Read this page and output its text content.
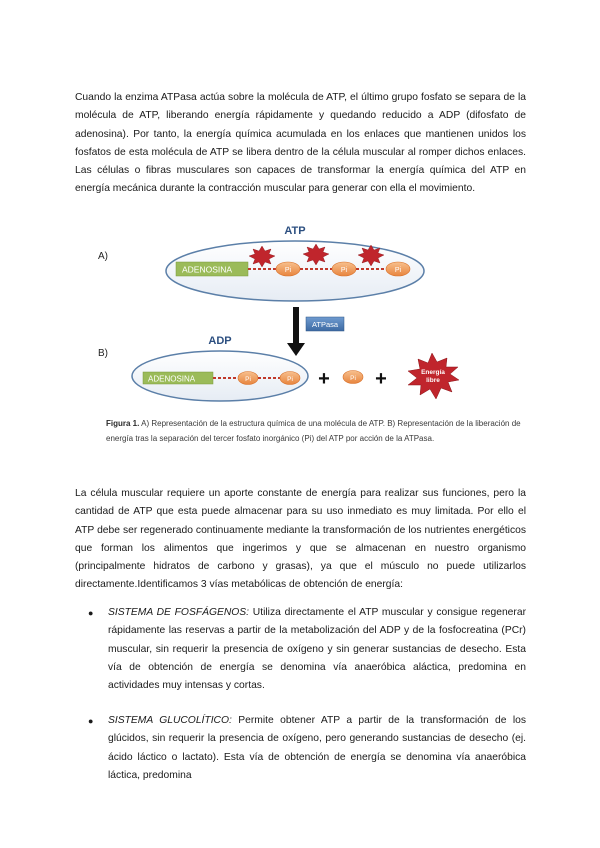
Cuando la enzima ATPasa actúa sobre la molécula de ATP, el último grupo fosfato se separa de la molécula de ATP, liberando energía rápidamente y quedando reducido a ADP (difosfato de adenosina). Por tanto, la energía química acumulada en los enlaces que mantienen unidos los fosfatos de esta molécula de ATP se libera dentro de la célula muscular al romper dichos enlaces. Las células o fibras musculares son capaces de transformar la energía química del ATP en energía mecánica durante la contracción muscular para generar con ella el movimiento.

A)
ATP
ADENOSINA	Pi	Pi	Pi
ATPasa
B)
ADP
ADENOSINA	Pi	Pi +	Pi +	Energía
libre

Figura 1. A) Representación de la estructura química de una molécula de ATP. B) Representación de la liberación de energía tras la separación del tercer fosfato inorgánico (Pi) del ATP por acción de la ATPasa.

La célula muscular requiere un aporte constante de energía para realizar sus funciones, pero la cantidad de ATP que esta puede almacenar para su uso inmediato es muy limitada. Por ello el ATP debe ser regenerado continuamente mediante la transformación de los nutrientes energéticos que forman los alimentos que ingerimos y que se almacenan en nuestro organismo (principalmente hidratos de carbono y grasas), ya que el músculo no puede utilizarlos directamente.Identificamos 3 vías metabólicas de obtención de energía:

● SISTEMA DE FOSFÁGENOS: Utiliza directamente el ATP muscular y consigue regenerar rápidamente las reservas a partir de la metabolización del ADP y de la fosfocreatina (PCr) muscular, sin requerir la presencia de oxígeno y sin generar sustancias de desecho. Esta vía de obtención de energía se denomina vía anaeróbica aláctica, predomina en actividades muy intensas y cortas.
● SISTEMA GLUCOLÍTICO: Permite obtener ATP a partir de la transformación de los glúcidos, sin requerir la presencia de oxígeno, pero generando sustancias de desecho (ej. ácido láctico o lactato). Esta vía de obtención de energía se denomina vía anaeróbica láctica, predomina
